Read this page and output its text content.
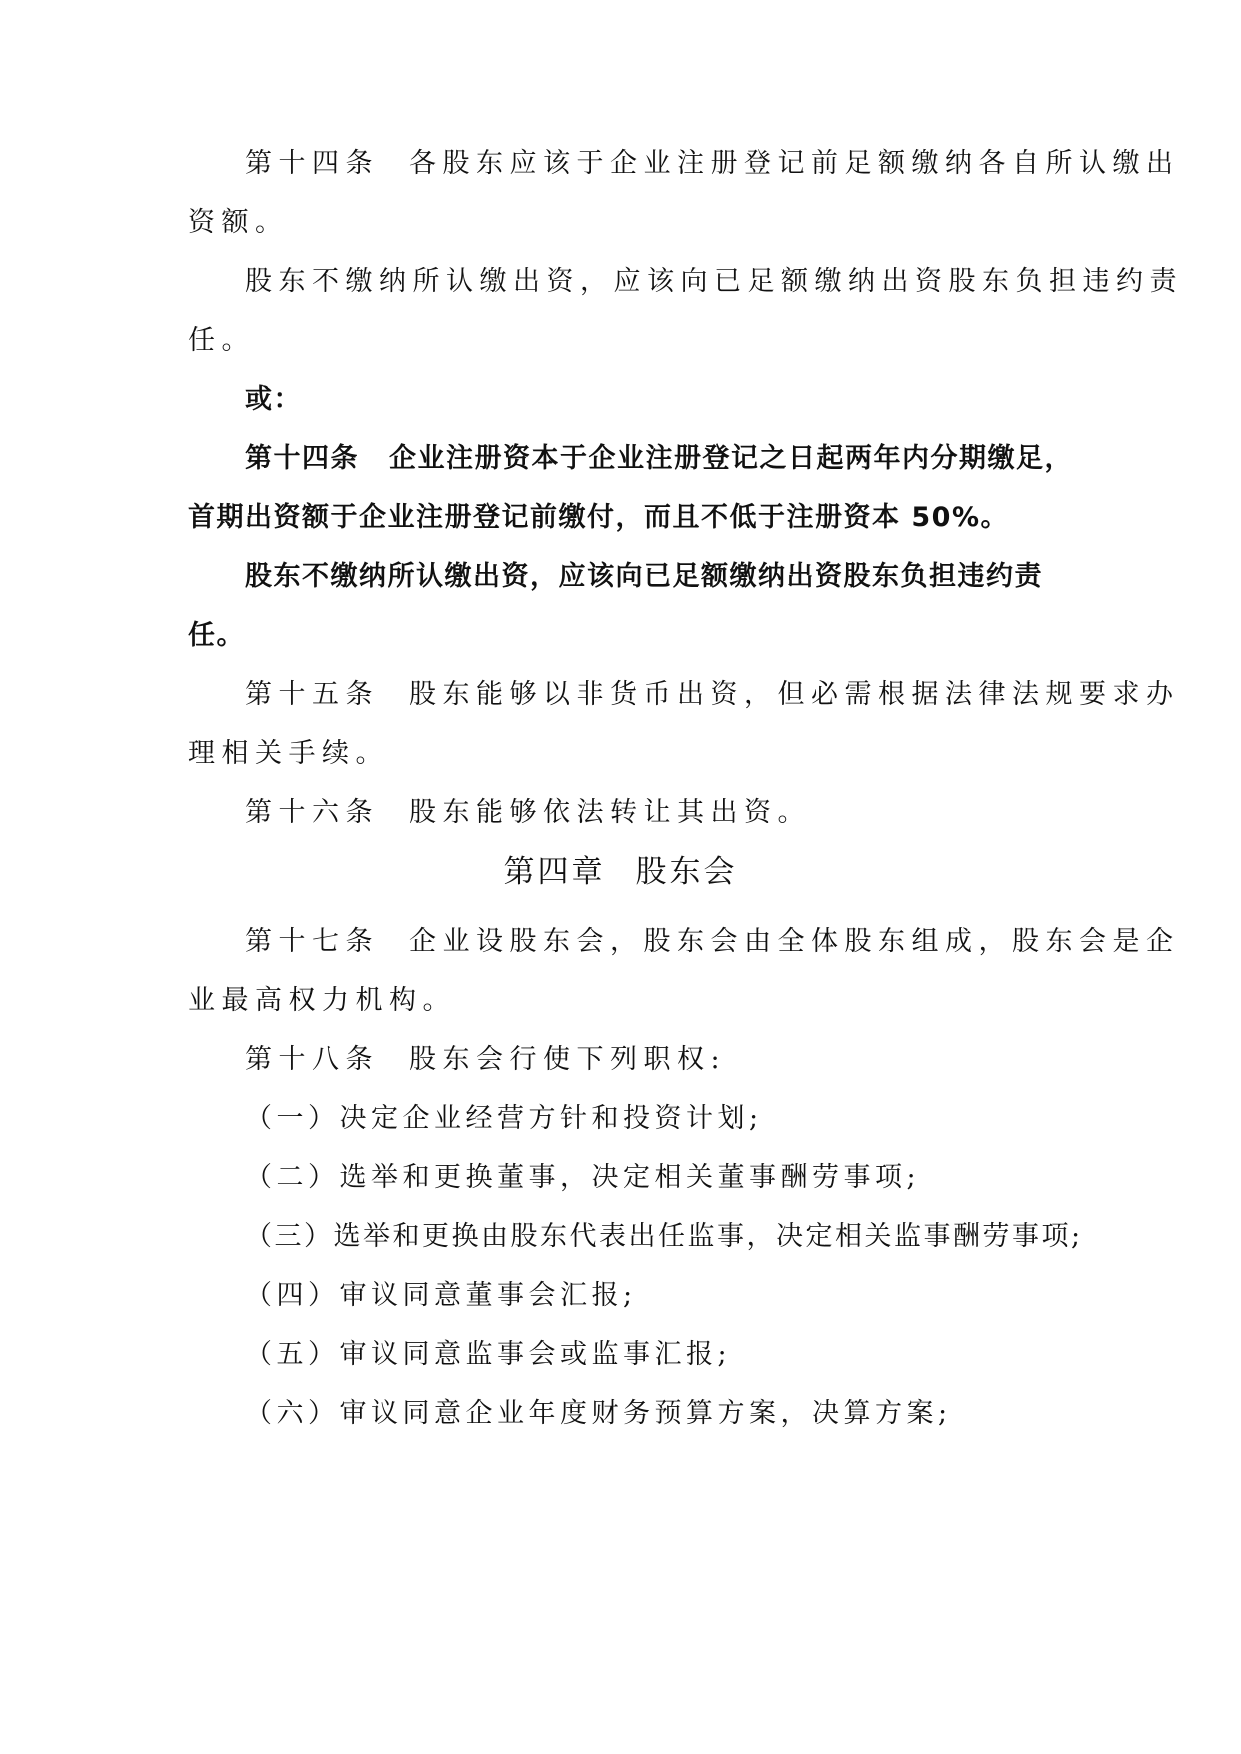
第十四条 各股东应该于企业注册登记前足额缴纳各自所认缴出
资额。
股东不缴纳所认缴出资，应该向已足额缴纳出资股东负担违约责
任。
或：
第十四条 企业注册资本于企业注册登记之日起两年内分期缴足，
首期出资额于企业注册登记前缴付，而且不低于注册资本 50%。
股东不缴纳所认缴出资，应该向已足额缴纳出资股东负担违约责
任。
第十五条 股东能够以非货币出资，但必需根据法律法规要求办
理相关手续。
第十六条 股东能够依法转让其出资。
第四章 股东会
第十七条 企业设股东会，股东会由全体股东组成，股东会是企
业最高权力机构。
第十八条 股东会行使下列职权:
（一）决定企业经营方针和投资计划;
（二）选举和更换董事，决定相关董事酬劳事项;
（三）选举和更换由股东代表出任监事，决定相关监事酬劳事项;
（四）审议同意董事会汇报;
（五）审议同意监事会或监事汇报;
（六）审议同意企业年度财务预算方案，决算方案;
